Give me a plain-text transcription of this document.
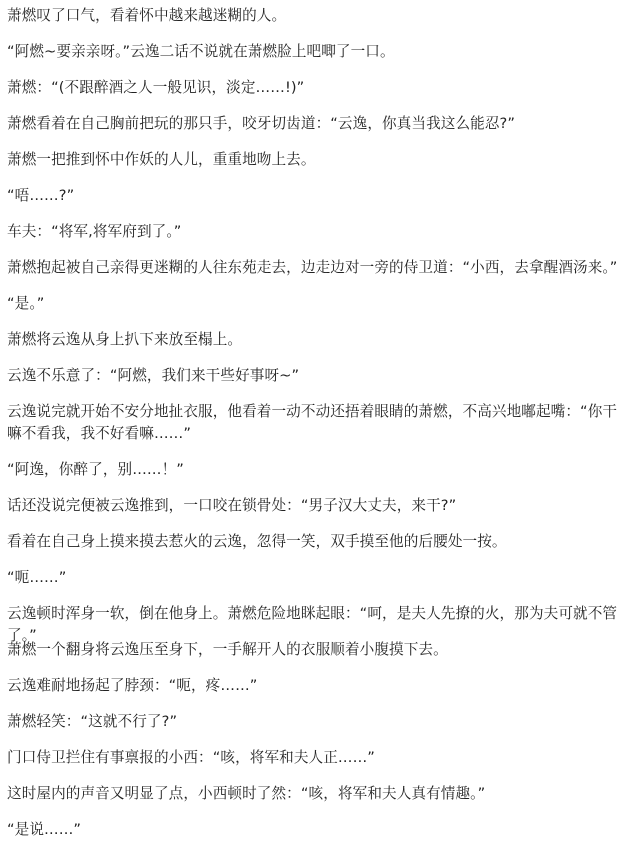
萧燃叹了口气，看着怀中越来越迷糊的人。

“阿燃~要亲亲呀。”云逸二话不说就在萧燃脸上吧唧了一口。

萧燃：“(不跟醉酒之人一般见识，淡定……!)”

萧燃看着在自己胸前把玩的那只手，咬牙切齿道：“云逸，你真当我这么能忍?”

萧燃一把推到怀中作妖的人儿，重重地吻上去。

“唔……?”

车夫：“将军,将军府到了。”

萧燃抱起被自己亲得更迷糊的人往东苑走去，边走边对一旁的侍卫道：“小西，去拿醒酒汤来。”

“是。”

萧燃将云逸从身上扒下来放至榻上。

云逸不乐意了：“阿燃，我们来干些好事呀~”

云逸说完就开始不安分地扯衣服，他看着一动不动还捂着眼睛的萧燃，不高兴地嘟起嘴：“你干嘛不看我，我不好看嘛……”

“阿逸，你醉了，别……！”

话还没说完便被云逸推到，一口咬在锁骨处：“男子汉大丈夫，来干?”

看着在自己身上摸来摸去惹火的云逸，忽得一笑，双手摸至他的后腰处一按。

“呃……”

云逸顿时浑身一软，倒在他身上。萧燃危险地眯起眼：“呵，是夫人先撩的火，那为夫可就不管了。”

萧燃一个翻身将云逸压至身下，一手解开人的衣服顺着小腹摸下去。

云逸难耐地扬起了脖颈：“呃，疼……”

萧燃轻笑：“这就不行了?”

门口侍卫拦住有事禀报的小西：“咳，将军和夫人正……”

这时屋内的声音又明显了点，小西顿时了然：“咳，将军和夫人真有情趣。”

“是说……”
